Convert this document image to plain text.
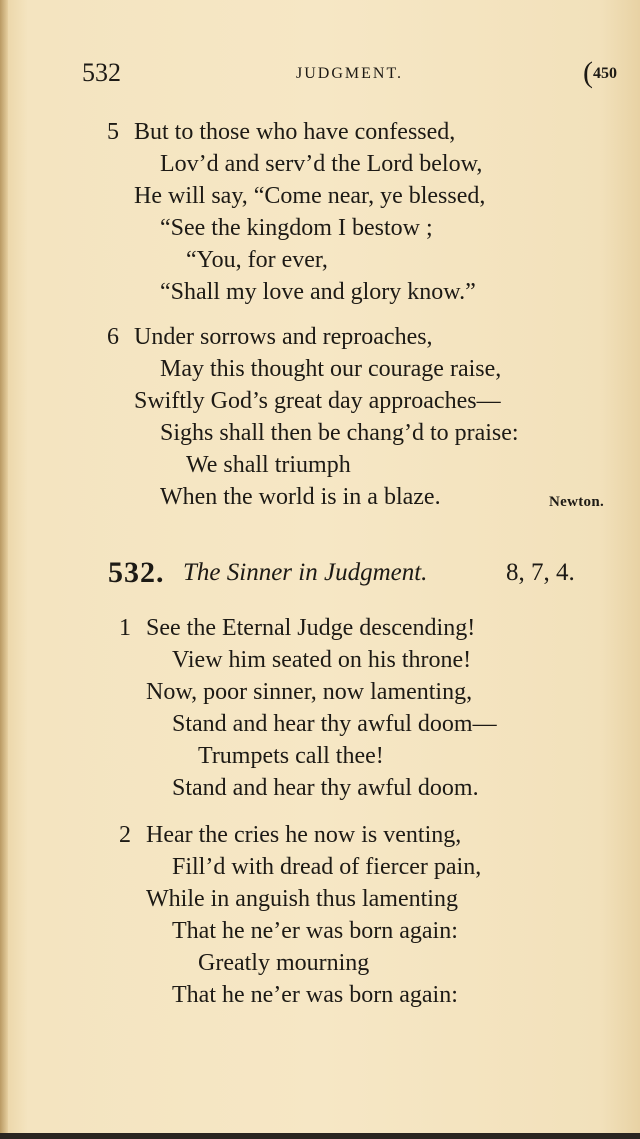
532	JUDGMENT.	($^{450}$
5 But to those who have confessed,
Lov’d and serv’d the Lord below,
He will say, “Come near, ye blessed,
“See the kingdom I bestow ;
“You, for ever,
“Shall my love and glory know.”
6 Under sorrows and reproaches,
May this thought our courage raise,
Swiftly God’s great day approaches—
Sighs shall then be chang’d to praise:
We shall triumph
When the world is in a blaze.	Newton.
532. The Sinner in Judgment.	8, 7, 4.
1 See the Eternal Judge descending!
View him seated on his throne!
Now, poor sinner, now lamenting,
Stand and hear thy awful doom—
Trumpets call thee!
Stand and hear thy awful doom.
2 Hear the cries he now is venting,
Fill’d with dread of fiercer pain,
While in anguish thus lamenting
That he ne’er was born again:
Greatly mourning
That he ne’er was born again:
